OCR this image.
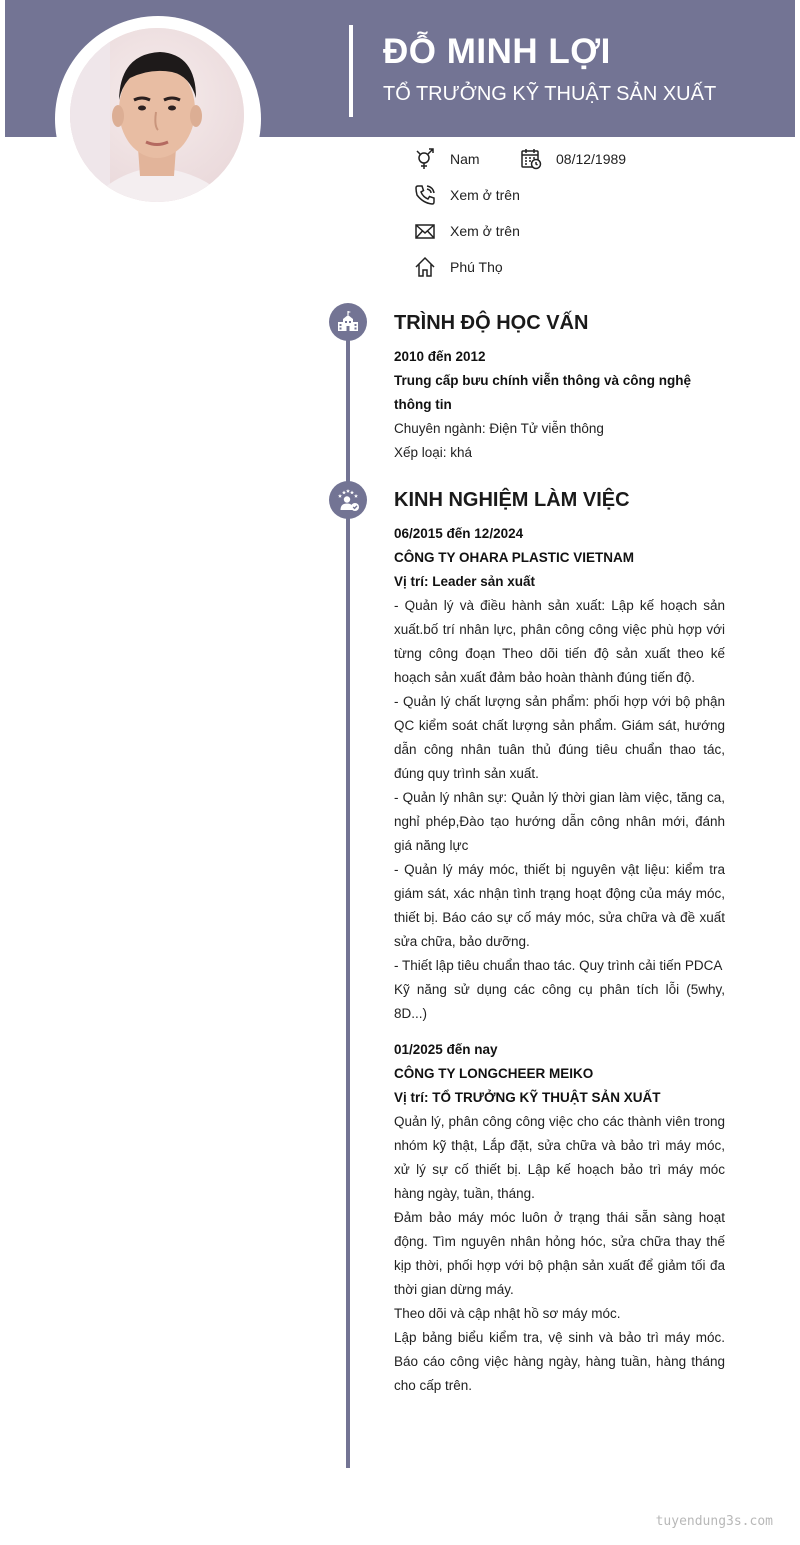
ĐỖ MINH LỢI
TỔ TRƯỞNG KỸ THUẬT SẢN XUẤT
Nam	08/12/1989
Xem ở trên
Xem ở trên
Phú Thọ
TRÌNH ĐỘ HỌC VẤN
2010 đến 2012
Trung cấp bưu chính viễn thông và công nghệ thông tin
Chuyên ngành: Điện Tử viễn thông
Xếp loại: khá
KINH NGHIỆM LÀM VIỆC
06/2015 đến 12/2024
CÔNG TY OHARA PLASTIC VIETNAM
Vị trí: Leader sản xuất
- Quản lý và điều hành sản xuất: Lập kế hoạch sản xuất.bố trí nhân lực, phân công công việc phù hợp với từng công đoạn Theo dõi tiến độ sản xuất theo kế hoạch sản xuất đảm bảo hoàn thành đúng tiến độ.
- Quản lý chất lượng sản phẩm: phối hợp với bộ phận QC kiểm soát chất lượng sản phẩm. Giám sát, hướng dẫn công nhân tuân thủ đúng tiêu chuẩn thao tác, đúng quy trình sản xuất.
- Quản lý nhân sự: Quản lý thời gian làm việc, tăng ca, nghỉ phép,Đào tạo hướng dẫn công nhân mới, đánh giá năng lực
- Quản lý máy móc, thiết bị nguyên vật liệu: kiểm tra giám sát, xác nhận tình trạng hoạt động của máy móc, thiết bị. Báo cáo sự cố máy móc, sửa chữa và đề xuất sửa chữa, bảo dưỡng.
- Thiết lập tiêu chuẩn thao tác. Quy trình cải tiến PDCA
Kỹ năng sử dụng các công cụ phân tích lỗi (5why, 8D...)
01/2025 đến nay
CÔNG TY LONGCHEER MEIKO
Vị trí: TỔ TRƯỞNG KỸ THUẬT SẢN XUẤT
Quản lý, phân công công việc cho các thành viên trong nhóm kỹ thật, Lắp đặt, sửa chữa và bảo trì máy móc, xử lý sự cố thiết bị. Lập kế hoạch bảo trì máy móc hàng ngày, tuần, tháng.
Đảm bảo máy móc luôn ở trạng thái sẵn sàng hoạt động. Tìm nguyên nhân hỏng hóc, sửa chữa thay thế kịp thời, phối hợp với bộ phận sản xuất để giảm tối đa thời gian dừng máy.
Theo dõi và cập nhật hồ sơ máy móc.
Lập bảng biểu kiểm tra, vệ sinh và bảo trì máy móc. Báo cáo công việc hàng ngày, hàng tuần, hàng tháng cho cấp trên.
tuyendung3s.com
